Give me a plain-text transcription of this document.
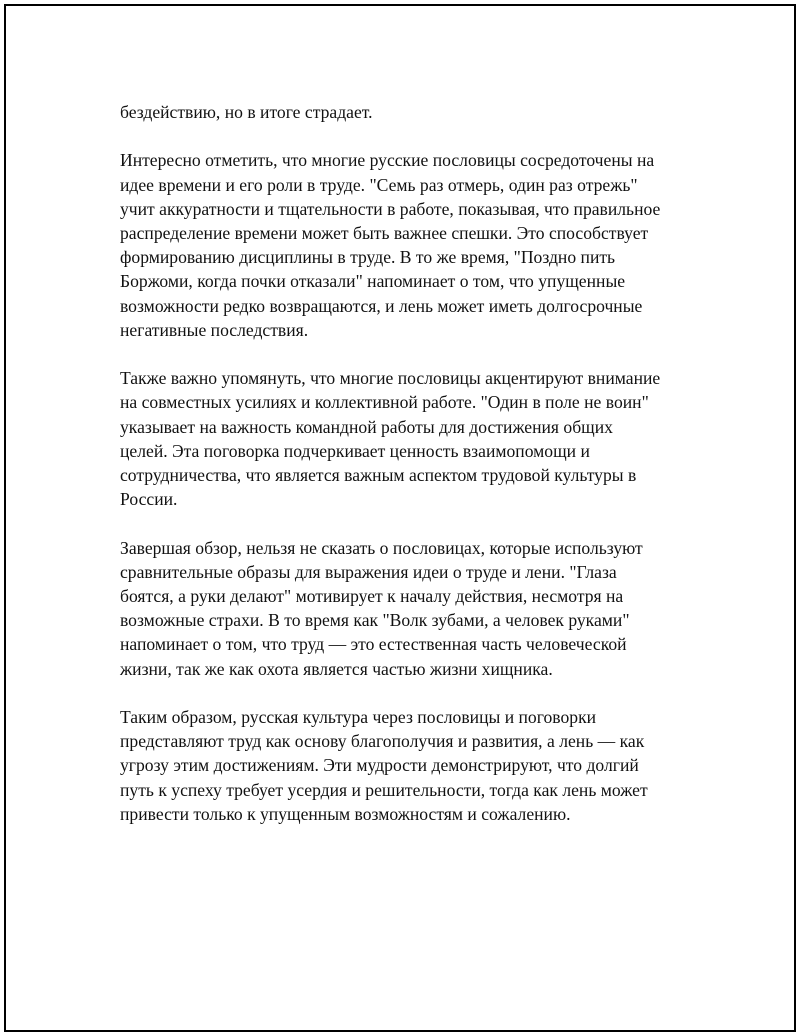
бездействию, но в итоге страдает.

Интересно отметить, что многие русские пословицы сосредоточены на
идее времени и его роли в труде. "Семь раз отмерь, один раз отрежь"
учит аккуратности и тщательности в работе, показывая, что правильное
распределение времени может быть важнее спешки. Это способствует
формированию дисциплины в труде. В то же время, "Поздно пить
Боржоми, когда почки отказали" напоминает о том, что упущенные
возможности редко возвращаются, и лень может иметь долгосрочные
негативные последствия.

Также важно упомянуть, что многие пословицы акцентируют внимание
на совместных усилиях и коллективной работе. "Один в поле не воин"
указывает на важность командной работы для достижения общих
целей. Эта поговорка подчеркивает ценность взаимопомощи и
сотрудничества, что является важным аспектом трудовой культуры в
России.

Завершая обзор, нельзя не сказать о пословицах, которые используют
сравнительные образы для выражения идеи о труде и лени. "Глаза
боятся, а руки делают" мотивирует к началу действия, несмотря на
возможные страхи. В то время как "Волк зубами, а человек руками"
напоминает о том, что труд — это естественная часть человеческой
жизни, так же как охота является частью жизни хищника.

Таким образом, русская культура через пословицы и поговорки
представляют труд как основу благополучия и развития, а лень — как
угрозу этим достижениям. Эти мудрости демонстрируют, что долгий
путь к успеху требует усердия и решительности, тогда как лень может
привести только к упущенным возможностям и сожалению.
